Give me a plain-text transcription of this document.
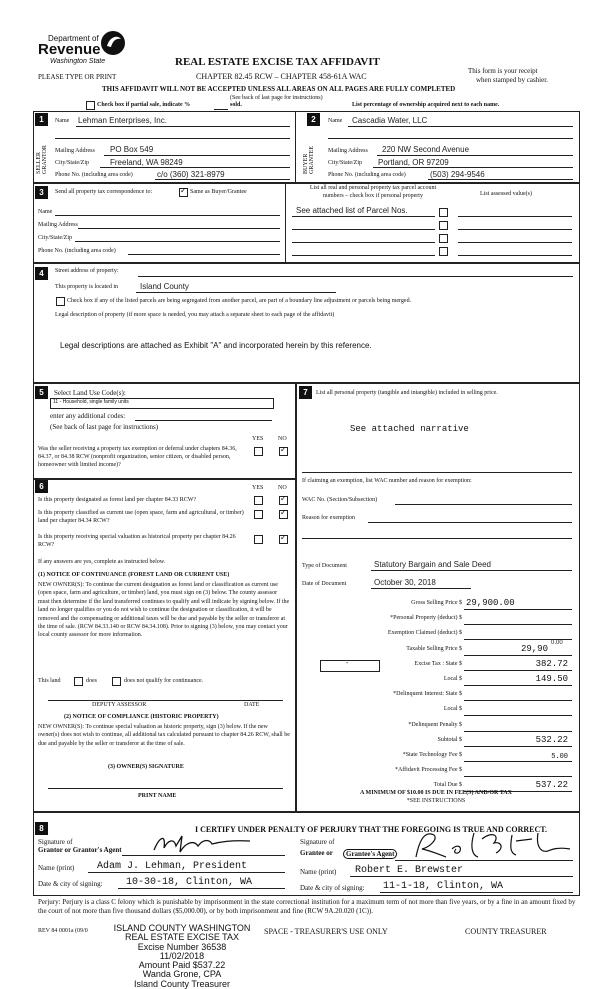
Department of
Revenue
Washington State
PLEASE TYPE OR PRINT
REAL ESTATE EXCISE TAX AFFIDAVIT
CHAPTER 82.45 RCW – CHAPTER 458-61A WAC
This form is your receipt
when stamped by cashier.
THIS AFFIDAVIT WILL NOT BE ACCEPTED UNLESS ALL AREAS ON ALL PAGES ARE FULLY COMPLETED
(See back of last page for instructions)
Check box if partial sale, indicate %	sold.	List percentage of ownership acquired next to each name.
1
SELLER GRANTOR
Name Lehman Enterprises, Inc.
Mailing Address PO Box 549
City/State/Zip	Freeland, WA 98249
Phone No. (including area code)	c/o (360) 321-8979
2
BUYER GRANTEE
Name Cascadia Water, LLC
Mailing Address 220 NW Second Avenue
City/State/Zip Portland, OR 97209
Phone No. (including area code)	(503) 294-9546
3	Send all property tax correspondence to:
✓	Same as Buyer/Grantee
Name
Mailing Address
City/State/Zip
Phone No. (including area code)
List all real and personal property tax parcel account
numbers – check box if personal property	List assessed value(s)
See attached list of Parcel Nos.
4	Street address of property:
This property is located in	Island County
Check box if any of the listed parcels are being segregated from another parcel, are part of a boundary line adjustment or parcels being merged.
Legal description of property (if more space is needed, you may attach a separate sheet to each page of the affidavit)
Legal descriptions are attached as Exhibit "A" and incorporated herein by this reference.
5	Select Land Use Code(s):
11 - Household, single family units
enter any additional codes:
(See back of last page for instructions)
YES NO
Was the seller receiving a property tax exemption or deferral under chapters 84.36, 84.37, or 84.38 RCW (nonprofit organization, senior citizen, or disabled person, homeowner with limited income)?
✓
6	YES NO
Is this property designated as forest land per chapter 84.33 RCW?
✓
Is this property classified as current use (open space, farm and agricultural, or timber) land per chapter 84.34 RCW?
✓
Is this property receiving special valuation as historical property per chapter 84.26 RCW?
✓
If any answers are yes, complete as instructed below.
(1) NOTICE OF CONTINUANCE (FOREST LAND OR CURRENT USE)
NEW OWNER(S): To continue the current designation as forest land or classification as current use (open space, farm and agriculture, or timber) land, you must sign on (3) below. The county assessor must then determine if the land transferred continues to qualify and will indicate by signing below. If the land no longer qualifies or you do not wish to continue the designation or classification, it will be removed and the compensating or additional taxes will be due and payable by the seller or transferor at the time of sale. (RCW 84.33.140 or RCW 84.34.108). Prior to signing (3) below, you may contact your local county assessor for more information.
This land	does	does not qualify for continuance.
DEPUTY ASSESSOR	DATE
(2) NOTICE OF COMPLIANCE (HISTORIC PROPERTY)
NEW OWNER(S): To continue special valuation as historic property, sign (3) below. If the new owner(s) does not wish to continue, all additional tax calculated pursuant to chapter 84.26 RCW, shall be due and payable by the seller or transferor at the time of sale.
(3) OWNER(S) SIGNATURE
PRINT NAME
7	List all personal property (tangible and intangible) included in selling price.
See attached narrative
If claiming an exemption, list WAC number and reason for exemption:
WAC No. (Section/Subsection)
Reason for exemption
Type of Document	Statutory Bargain and Sale Deed
Date of Document	October 30, 2018
Gross Selling Price $ 29,900.00
*Personal Property (deduct) $
Exemption Claimed (deduct) $
Taxable Selling Price $	29,90
Excise Tax : State $	382.72
Local $	149.50
*Delinquent Interest: State $
Local $
*Delinquent Penalty $
Subtotal $	532.22
*State Technology Fee $	5.00
*Affidavit Processing Fee $
Total Due $	537.22
0.00
-
A MINIMUM OF $10.00 IS DUE IN FEE(S) AND/OR TAX
*SEE INSTRUCTIONS
8	I CERTIFY UNDER PENALTY OF PERJURY THAT THE FOREGOING IS TRUE AND CORRECT.
Signature of
Grantor or Grantor's Agent
Name (print) Adam J. Lehman, President
Date & city of signing: 10-30-18, Clinton, WA
Signature of
Grantee or	Grantee's Agent
Name (print) Robert E. Brewster
Date & city of signing: 11-1-18, Clinton, WA
Perjury: Perjury is a class C felony which is punishable by imprisonment in the state correctional institution for a maximum term of not more than five years, or by a fine in an amount fixed by the court of not more than five thousand dollars ($5,000.00), or by both imprisonment and fine (RCW 9A.20.020 (1C)).
REV 84 0001a (09/0	SPACE - TREASURER'S USE ONLY	COUNTY TREASURER
ISLAND COUNTY WASHINGTON
REAL ESTATE EXCISE TAX
Excise Number 36538
11/02/2018
Amount Paid $537.22
Wanda Grone, CPA
Island County Treasurer
